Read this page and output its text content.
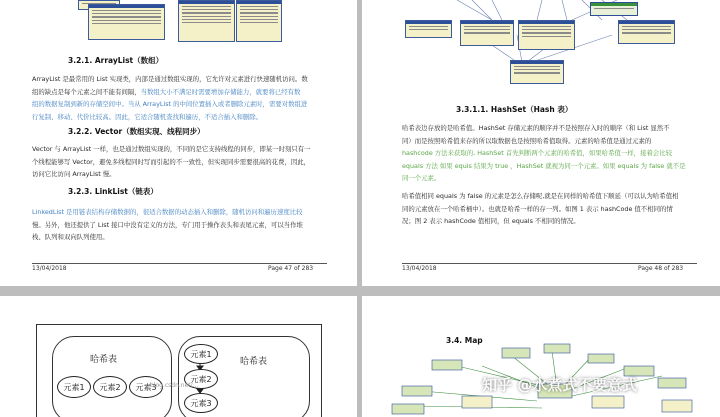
3.2.1. ArrayList（数组）
ArrayList 是最常用的 List 实现类，内部是通过数组实现的，它允许对元素进行快速随机访问。数
组的缺点是每个元素之间不能有间隔，当数组大小不满足时需要增加存储能力，就要将已经有数
组的数据复制到新的存储空间中。当从 ArrayList 的中间位置插入或者删除元素时，需要对数组进
行复制、移动、代价比较高。因此，它适合随机查找和遍历，不适合插入和删除。
3.2.2. Vector（数组实现、线程同步）
Vector 与 ArrayList 一样，也是通过数组实现的，不同的是它支持线程的同步，即某一时刻只有一
个线程能够写 Vector，避免多线程同时写而引起的不一致性，但实现同步需要很高的花费，因此，
访问它比访问 ArrayList 慢。
3.2.3. LinkList（链表）
LinkedList 是用链表结构存储数据的，很适合数据的动态插入和删除，随机访问和遍历速度比较
慢。另外，他还提供了 List 接口中没有定义的方法，专门用于操作表头和表尾元素，可以当作堆
栈、队列和双向队列使用。
13/04/2018	Page 47 of 283
3.3.1.1. HashSet（Hash 表）
哈希表边存放的是哈希值。HashSet 存储元素的顺序并不是按照存入时的顺序（和 List 显然不
同）而是按照哈希值来存的所以取数据也是按照哈希值取得。元素的哈希值是通过元素的
hashcode 方法来获取的, HashSet 首先判断两个元素的哈希值，如果哈希值一样，接着会比较
equals 方法 如果 equls 结果为 true ，HashSet 就视为同一个元素。如果 equals 为 false 就不是
同一个元素。
哈希值相同 equals 为 false 的元素是怎么存储呢,就是在同样的哈希值下顺延（可以认为哈希值相
同的元素放在一个哈希桶中）。也就是哈希一样的存一列。如图 1 表示 hashCode 值不相同的情
况；图 2 表示 hashCode 值相同，但 equals 不相同的情况。
13/04/2018	Page 48 of 283
哈希表
元素1	元素2	元素3
哈希表
元素1
元素2
元素3
blog.csdn.net/...
3.4. Map
知乎 @水煮式不要意式
